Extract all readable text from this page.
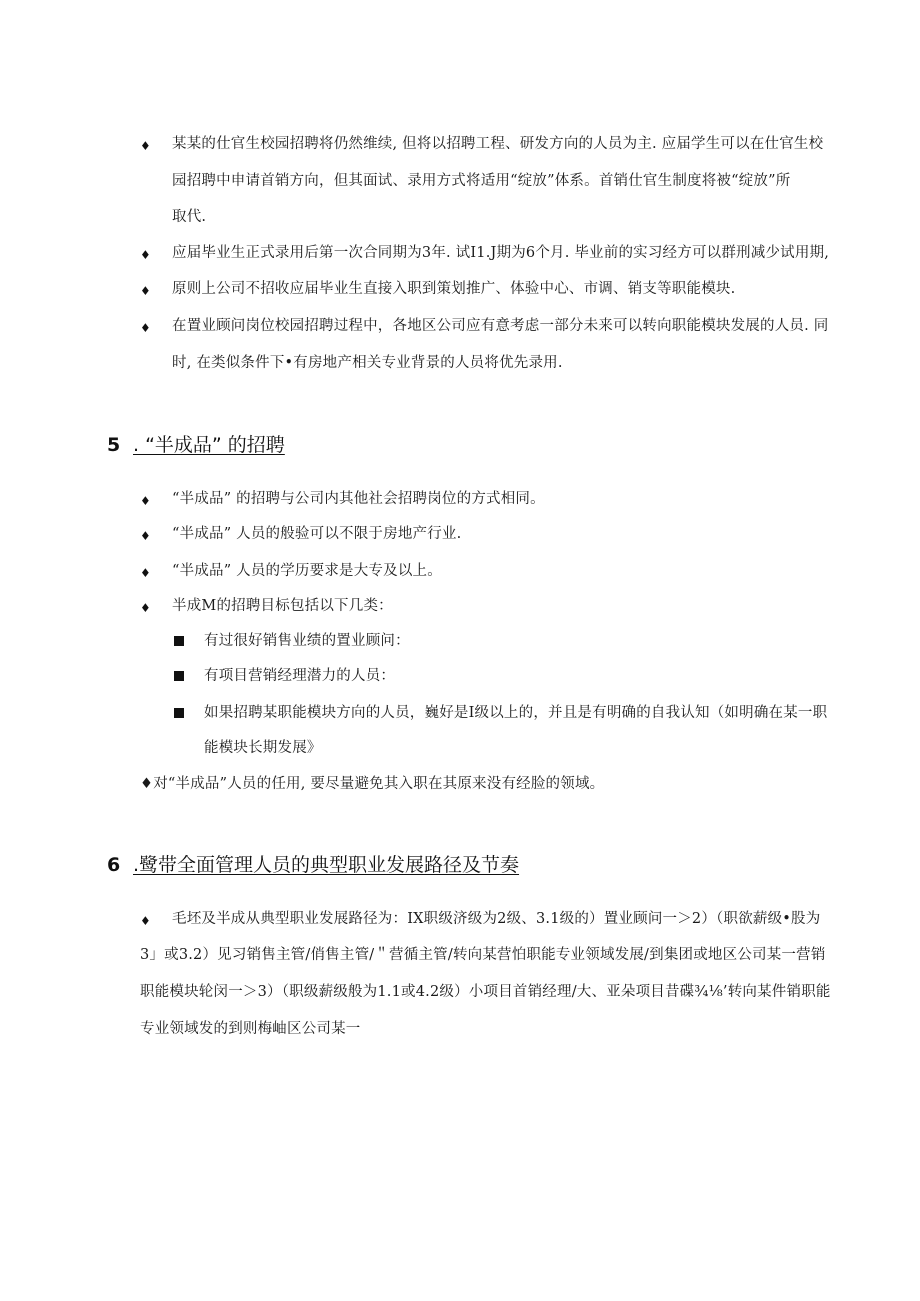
♦ 某某的仕官生校园招聘将仍然维续, 但将以招聘工程、研发方向的人员为主. 应届学生可以在仕官生校
园招聘中申请首销方向，但其面试、录用方式将适用“绽放”体系。首销仕官生制度将被“绽放”所
取代.
♦ 应届毕业生正式录用后第一次合同期为3年. 试I1.J期为6个月. 毕业前的实习经方可以群刑减少试用期,
♦ 原则上公司不招收应届毕业生直接入职到策划推广、体验中心、市调、销支等职能模块.
♦ 在置业顾问岗位校园招聘过程中，各地区公司应有意考虑一部分未来可以转向职能模块发展的人员. 同
时, 在类似条件下•有房地产相关专业背景的人员将优先录用.
5 . “半成品” 的招聘
♦ “半成品” 的招聘与公司内其他社会招聘岗位的方式相同。
♦ “半成品” 人员的般验可以不限于房地产行业.
♦ “半成品” 人员的学历要求是大专及以上。
♦ 半成M的招聘目标包括以下几类：
有过很好销售业绩的置业顾问：
有项目营销经理潜力的人员：
如果招聘某职能模块方向的人员，巍好是I级以上的，并且是有明确的自我认知（如明确在某一职
能模块长期发展》
♦对“半成品”人员的任用, 要尽量避免其入职在其原来没有经脸的领域。
6 .鹭带全面管理人员的典型职业发展路径及节奏
♦ 毛坯及半成从典型职业发展路径为：IX职级济级为2级、3.1级的）置业顾问一＞2）（职欲薪级•股为
3」或3.2）见习销售主管/俏售主管/＂营循主管/转向某营怕职能专业领域发展/到集团或地区公司某一营销
职能模块轮闵一＞3）（职级薪级般为1.1或4.2级）小项目首销经理/大、亚朵项目昔碟¾⅛’转向某件销职能
专业领域发的到则梅岫区公司某一
